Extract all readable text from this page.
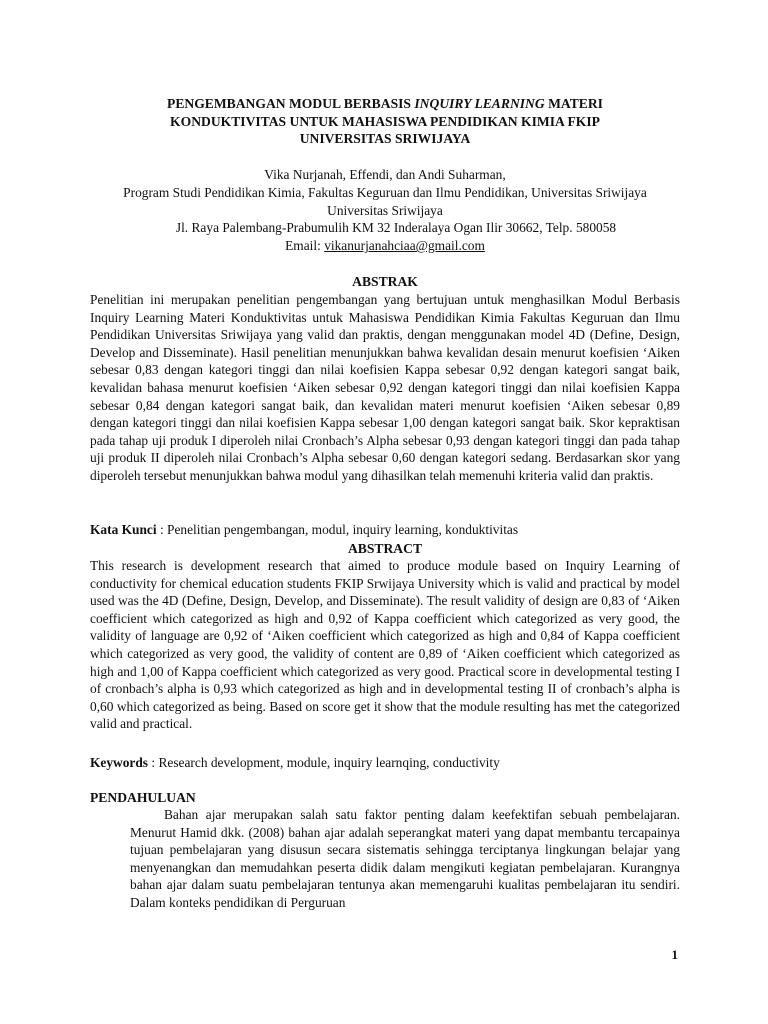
PENGEMBANGAN MODUL BERBASIS INQUIRY LEARNING MATERI
KONDUKTIVITAS UNTUK MAHASISWA PENDIDIKAN KIMIA FKIP
UNIVERSITAS SRIWIJAYA
Vika Nurjanah, Effendi, dan Andi Suharman,
Program Studi Pendidikan Kimia, Fakultas Keguruan dan Ilmu Pendidikan, Universitas Sriwijaya
Universitas Sriwijaya
Jl. Raya Palembang-Prabumulih KM 32 Inderalaya Ogan Ilir 30662, Telp. 580058
Email: vikanurjanahciaa@gmail.com
ABSTRAK
Penelitian ini merupakan penelitian pengembangan yang bertujuan untuk menghasilkan Modul Berbasis Inquiry Learning Materi Konduktivitas untuk Mahasiswa Pendidikan Kimia Fakultas Keguruan dan Ilmu Pendidikan Universitas Sriwijaya yang valid dan praktis, dengan menggunakan model 4D (Define, Design, Develop and Disseminate). Hasil penelitian menunjukkan bahwa kevalidan desain menurut koefisien ‘Aiken sebesar 0,83 dengan kategori tinggi dan nilai koefisien Kappa sebesar 0,92 dengan kategori sangat baik, kevalidan bahasa menurut koefisien ‘Aiken sebesar 0,92 dengan kategori tinggi dan nilai koefisien Kappa sebesar 0,84 dengan kategori sangat baik, dan kevalidan materi menurut koefisien ‘Aiken sebesar 0,89 dengan kategori tinggi dan nilai koefisien Kappa sebesar 1,00 dengan kategori sangat baik. Skor kepraktisan pada tahap uji produk I diperoleh nilai Cronbach’s Alpha sebesar 0,93 dengan kategori tinggi dan pada tahap uji produk II diperoleh nilai Cronbach’s Alpha sebesar 0,60 dengan kategori sedang. Berdasarkan skor yang diperoleh tersebut menunjukkan bahwa modul yang dihasilkan telah memenuhi kriteria valid dan praktis.
Kata Kunci : Penelitian pengembangan, modul, inquiry learning, konduktivitas
ABSTRACT
This research is development research that aimed to produce module based on Inquiry Learning of conductivity for chemical education students FKIP Srwijaya University which is valid and practical by model used was the 4D (Define, Design, Develop, and Disseminate). The result validity of design are 0,83 of ‘Aiken coefficient which categorized as high and 0,92 of Kappa coefficient which categorized as very good, the validity of language are 0,92 of ‘Aiken coefficient which categorized as high and 0,84 of Kappa coefficient which categorized as very good, the validity of content are 0,89 of ‘Aiken coefficient which categorized as high and 1,00 of Kappa coefficient which categorized as very good. Practical score in developmental testing I of cronbach’s alpha is 0,93 which categorized as high and in developmental testing II of cronbach’s alpha is 0,60 which categorized as being. Based on score get it show that the module resulting has met the categorized valid and practical.
Keywords : Research development, module, inquiry learnqing, conductivity
PENDAHULUAN
Bahan ajar merupakan salah satu faktor penting dalam keefektifan sebuah pembelajaran. Menurut Hamid dkk. (2008) bahan ajar adalah seperangkat materi yang dapat membantu tercapainya tujuan pembelajaran yang disusun secara sistematis sehingga terciptanya lingkungan belajar yang menyenangkan dan memudahkan peserta didik dalam mengikuti kegiatan pembelajaran. Kurangnya bahan ajar dalam suatu pembelajaran tentunya akan memengaruhi kualitas pembelajaran itu sendiri. Dalam konteks pendidikan di Perguruan
1
